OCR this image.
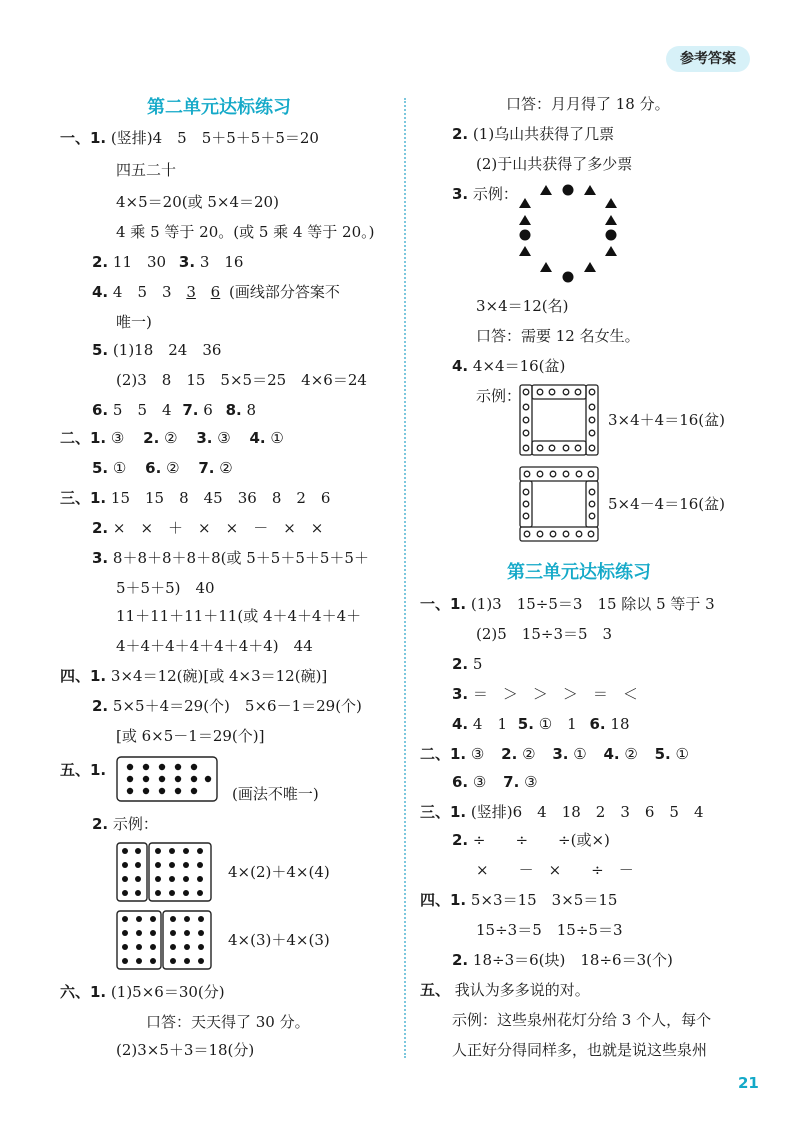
参考答案
第二单元达标练习
一、1. (竖排)4　5　5＋5＋5＋5＝20
四五二十
4×5＝20(或 5×4＝20)
4 乘 5 等于 20。(或 5 乘 4 等于 20。)
2. 11　30 3. 3　16
4. 4　5　3 3 6 (画线部分答案不
唯一)
5. (1)18　24　36
(2)3　8　15　5×5＝25　4×6＝24
6. 5　5　4 7. 6 8. 8
二、1. ③ 2. ② 3. ③ 4. ①
5. ① 6. ② 7. ②
三、1. 15　15　8　45　36　8　2　6
2. ×　×　＋　×　×　－　×　×
3. 8＋8＋8＋8＋8(或 5＋5＋5＋5＋5＋
5＋5＋5)　40
11＋11＋11＋11(或 4＋4＋4＋4＋
4＋4＋4＋4＋4＋4＋4)　44
四、1. 3×4＝12(碗)[或 4×3＝12(碗)]
2. 5×5＋4＝29(个)　5×6－1＝29(个)
[或 6×5－1＝29(个)]
五、1.
(画法不唯一)
2. 示例：
4×(2)＋4×(4)
4×(3)＋4×(3)
六、1. (1)5×6＝30(分)
口答：天天得了 30 分。
(2)3×5＋3＝18(分)
口答：月月得了 18 分。
2. (1)乌山共获得了几票
(2)于山共获得了多少票
3. 示例：
3×4＝12(名)
口答：需要 12 名女生。
4. 4×4＝16(盆)
示例：
3×4＋4＝16(盆)
5×4－4＝16(盆)
第三单元达标练习
一、1. (1)3　15÷5＝3　15 除以 5 等于 3
(2)5　15÷3＝5　3
2. 5
3. ＝　＞　＞　＞　＝　＜
4. 4　1 5. ①　1 6. 18
二、1. ③ 2. ② 3. ① 4. ② 5. ①
6. ③ 7. ③
三、1. (竖排)6　4　18　2　3　6　5　4
2. ÷　　÷　　÷(或×)
×　　－　×　　÷　－
四、1. 5×3＝15　3×5＝15
15÷3＝5　15÷5＝3
2. 18÷3＝6(块)　18÷6＝3(个)
五、 我认为多多说的对。
示例：这些泉州花灯分给 3 个人，每个
人正好分得同样多，也就是说这些泉州
21
